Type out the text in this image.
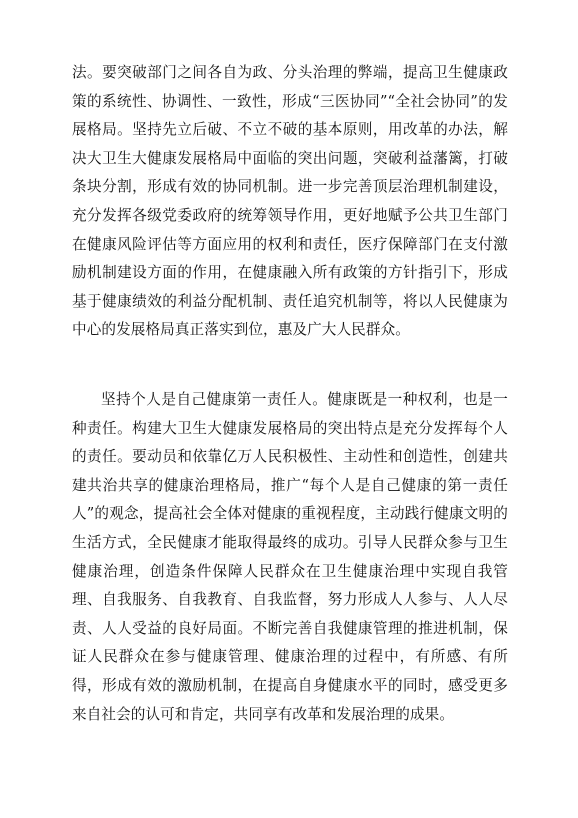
法。要突破部门之间各自为政、分头治理的弊端，提高卫生健康政策的系统性、协调性、一致性，形成“三医协同”“全社会协同”的发展格局。坚持先立后破、不立不破的基本原则，用改革的办法，解决大卫生大健康发展格局中面临的突出问题，突破利益藩篱，打破条块分割，形成有效的协同机制。进一步完善顶层治理机制建设，充分发挥各级党委政府的统筹领导作用，更好地赋予公共卫生部门在健康风险评估等方面应用的权利和责任，医疗保障部门在支付激励机制建设方面的作用，在健康融入所有政策的方针指引下，形成基于健康绩效的利益分配机制、责任追究机制等，将以人民健康为中心的发展格局真正落实到位，惠及广大人民群众。

坚持个人是自己健康第一责任人。健康既是一种权利，也是一种责任。构建大卫生大健康发展格局的突出特点是充分发挥每个人的责任。要动员和依靠亿万人民积极性、主动性和创造性，创建共建共治共享的健康治理格局，推广“每个人是自己健康的第一责任人”的观念，提高社会全体对健康的重视程度，主动践行健康文明的生活方式，全民健康才能取得最终的成功。引导人民群众参与卫生健康治理，创造条件保障人民群众在卫生健康治理中实现自我管理、自我服务、自我教育、自我监督，努力形成人人参与、人人尽责、人人受益的良好局面。不断完善自我健康管理的推进机制，保证人民群众在参与健康管理、健康治理的过程中，有所感、有所得，形成有效的激励机制，在提高自身健康水平的同时，感受更多来自社会的认可和肯定，共同享有改革和发展治理的成果。
